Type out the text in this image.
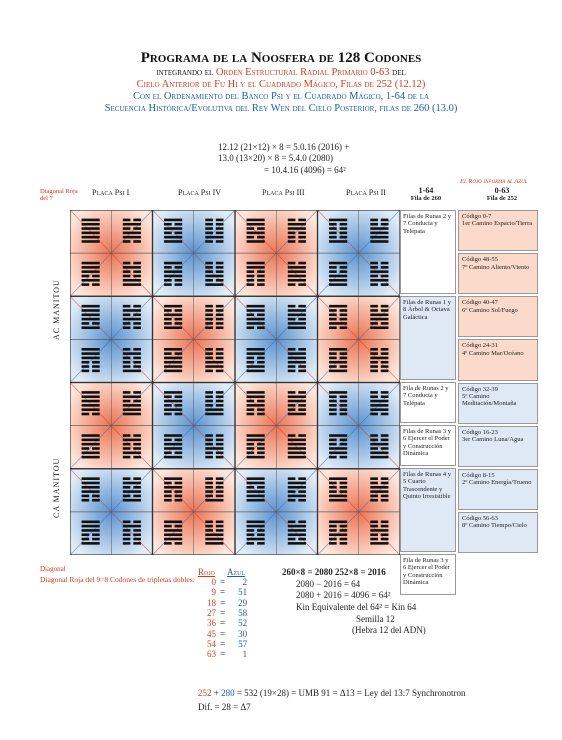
Programa de la Noosfera de 128 Codones
integrando el Orden Estructural Radial Primario 0-63 del
Cielo Anterior de Fu Hi y el Cuadrado Mágico, Filas de 252 (12.12)
Con el Ordenamiento del Banco Psi y el Cuadrado Mágico, 1-64 de la
Secuencia Histórica/Evolutiva del Rey Wen del Cielo Posterior, filas de 260 (13.0)
12.12 (21×12) × 8 = 5.0.16 (2016) +
13.0 (13×20) × 8 = 5.4.0 (2080)
= 10.4.16 (4096) = 64²
El Rojo informa al Azul
Diagonal Roja del 7
Placa Psi I	Placa Psi IV	Placa Psi III	Placa Psi II	1-64
Fila de 260
0-63
Fila de 252
AC MANITOU
CA MANITOU
Filas de Runas 2 y 7 Conducta y Telépata
Filas de Runas 1 y 8 Árbol & Octava Galáctica
Fila de Runas 2 y 7 Conducta y Telépata
Filas de Runas 3 y 6 Ejercer el Poder y Construcción Dinámica
Filas de Runas 4 y 5 Cuarto Trascendente y Quinto Irresistible
Fila de Runas 3 y 6 Ejercer el Poder y Construcción Dinámica
Código 0-7
1er Camino Espacio/Tierra
Código 48-55
7º Camino Aliento/Viento
Código 40-47
6º Camino Sol/Fuego
Código 24-31
4º Camino Mar/Océano
Código 32-39
5º Camino Meditación/Montaña
Código 16-23
3er Camino Luna/Agua
Código 8-15
2º Camino Energía/Trueno
Código 56-63
8º Camino Tiempo/Cielo
Diagonal
Diagonal Roja del 9=8 Codones de tripletas dobles:
Rojo Azul
0 =	2
9 =	51
18 =	29
27 =	58
36 =	52
45 =	30
54 =	57
63 =	1
260×8 = 2080 252×8 = 2016
2080 − 2016 = 64
2080 + 2016 = 4096 = 64²
Kin Equivalente del 64² = Kin 64
Semilla 12
(Hebra 12 del ADN)
252 + 280 = 532 (19×28) = UMB 91 = Δ13 = Ley del 13:7 Synchronotron
Dif. = 28 = Δ7
